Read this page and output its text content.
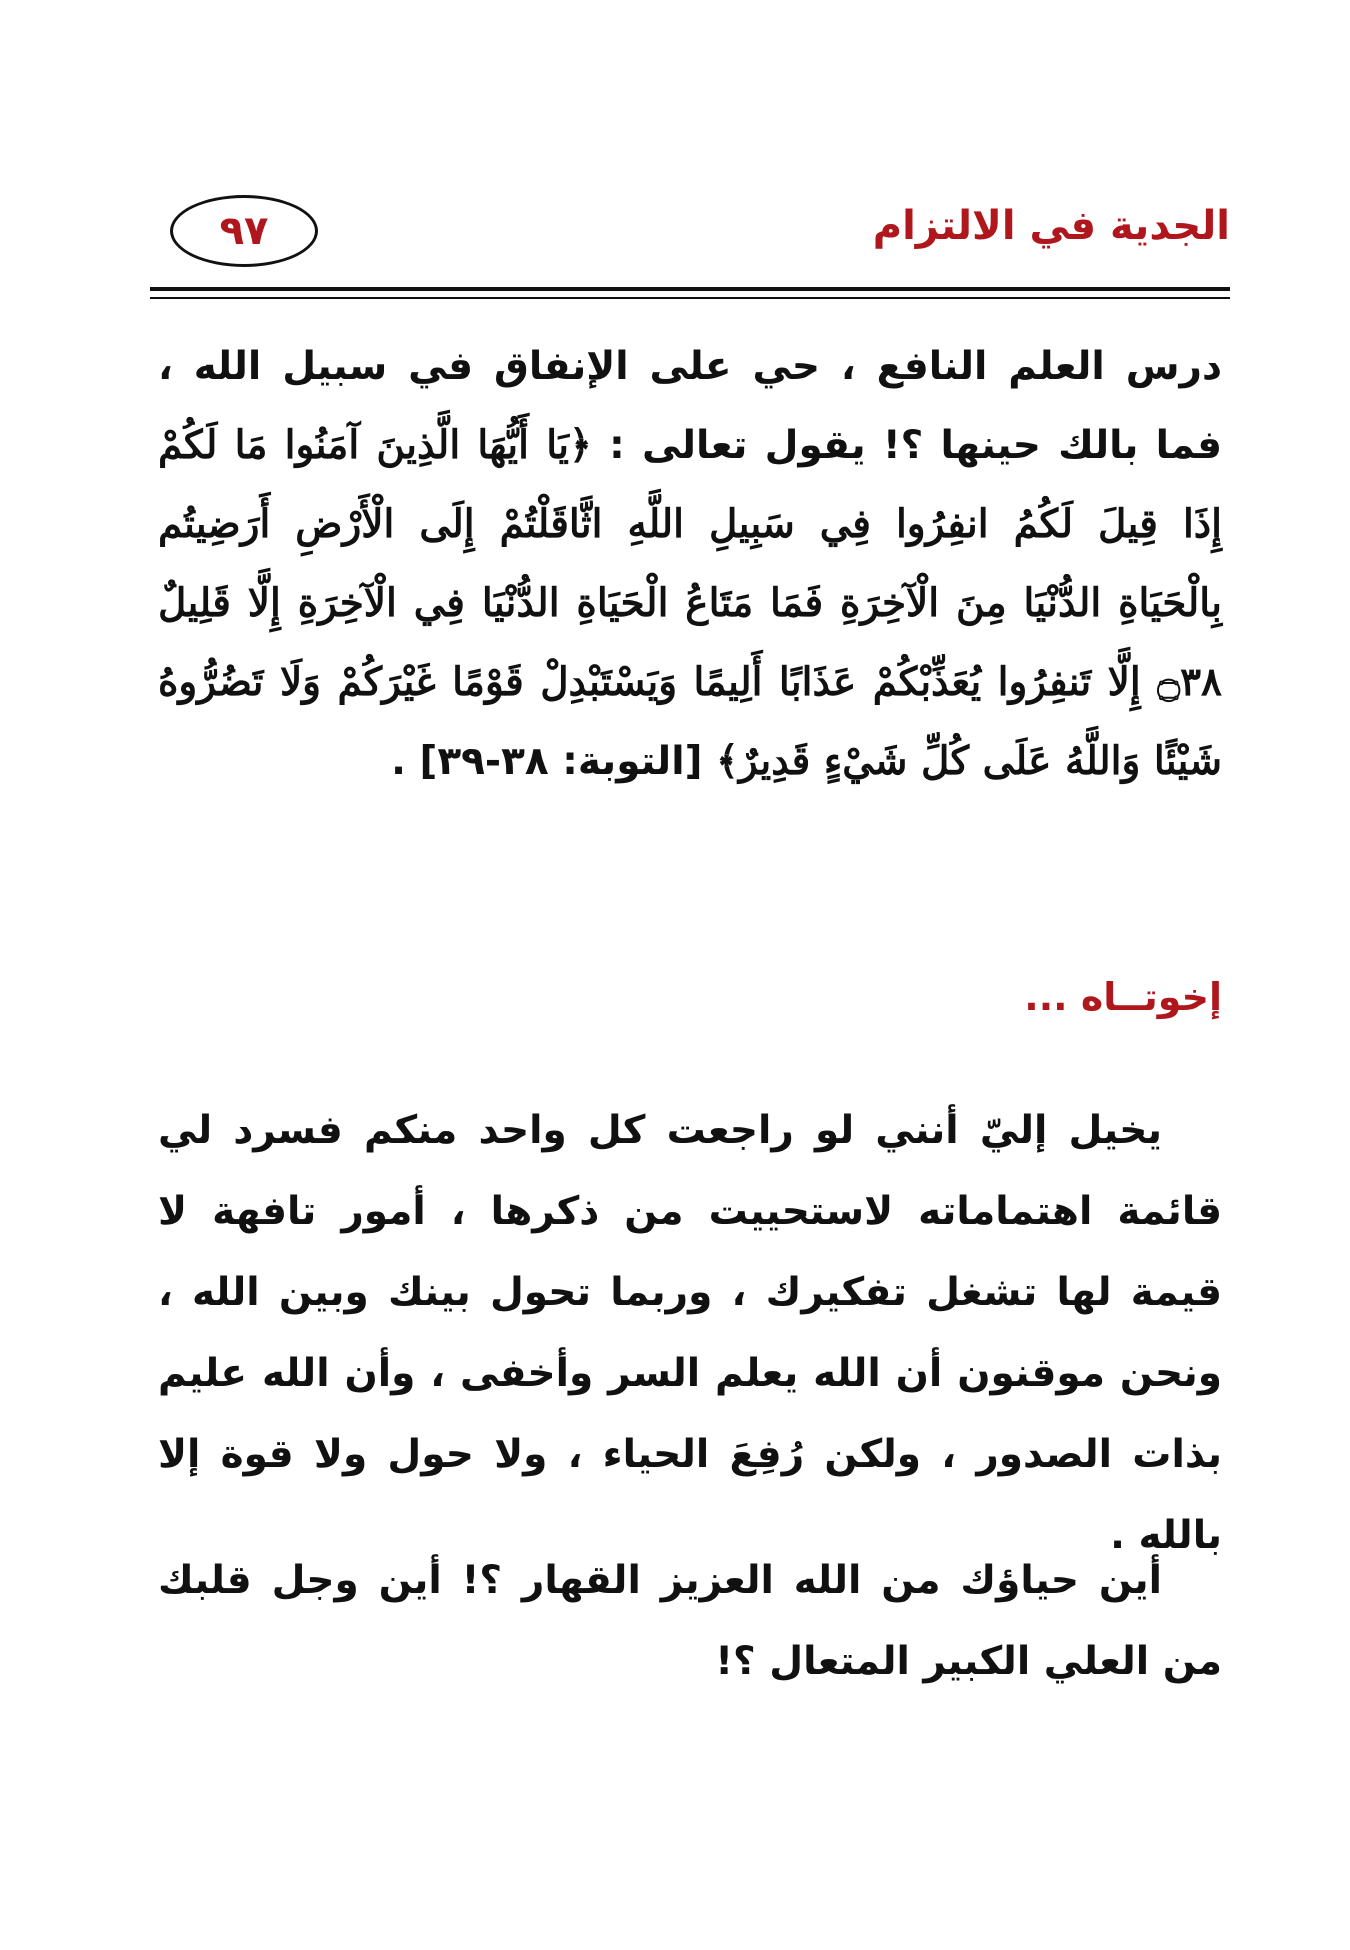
الجدية في الالتزام
٩٧
درس العلم النافع ، حي على الإنفاق في سبيل الله ، فما بالك حينها ؟! يقول تعالى : ﴿يَا أَيُّهَا الَّذِينَ آمَنُوا مَا لَكُمْ إِذَا قِيلَ لَكُمُ انفِرُوا فِي سَبِيلِ اللَّهِ اثَّاقَلْتُمْ إِلَى الْأَرْضِ أَرَضِيتُم بِالْحَيَاةِ الدُّنْيَا مِنَ الْآخِرَةِ فَمَا مَتَاعُ الْحَيَاةِ الدُّنْيَا فِي الْآخِرَةِ إِلَّا قَلِيلٌ ۝٣٨ إِلَّا تَنفِرُوا يُعَذِّبْكُمْ عَذَابًا أَلِيمًا وَيَسْتَبْدِلْ قَوْمًا غَيْرَكُمْ وَلَا تَضُرُّوهُ شَيْئًا وَاللَّهُ عَلَى كُلِّ شَيْءٍ قَدِيرٌ﴾ [التوبة: ٣٨-٣٩] .
إخوتــاه ...
يخيل إليّ أنني لو راجعت كل واحد منكم فسرد لي قائمة اهتماماته لاستحييت من ذكرها ، أمور تافهة لا قيمة لها تشغل تفكيرك ، وربما تحول بينك وبين الله ، ونحن موقنون أن الله يعلم السر وأخفى ، وأن الله عليم بذات الصدور ، ولكن رُفِعَ الحياء ، ولا حول ولا قوة إلا بالله .
أين حياؤك من الله العزيز القهار ؟! أين وجل قلبك من العلي الكبير المتعال ؟!
